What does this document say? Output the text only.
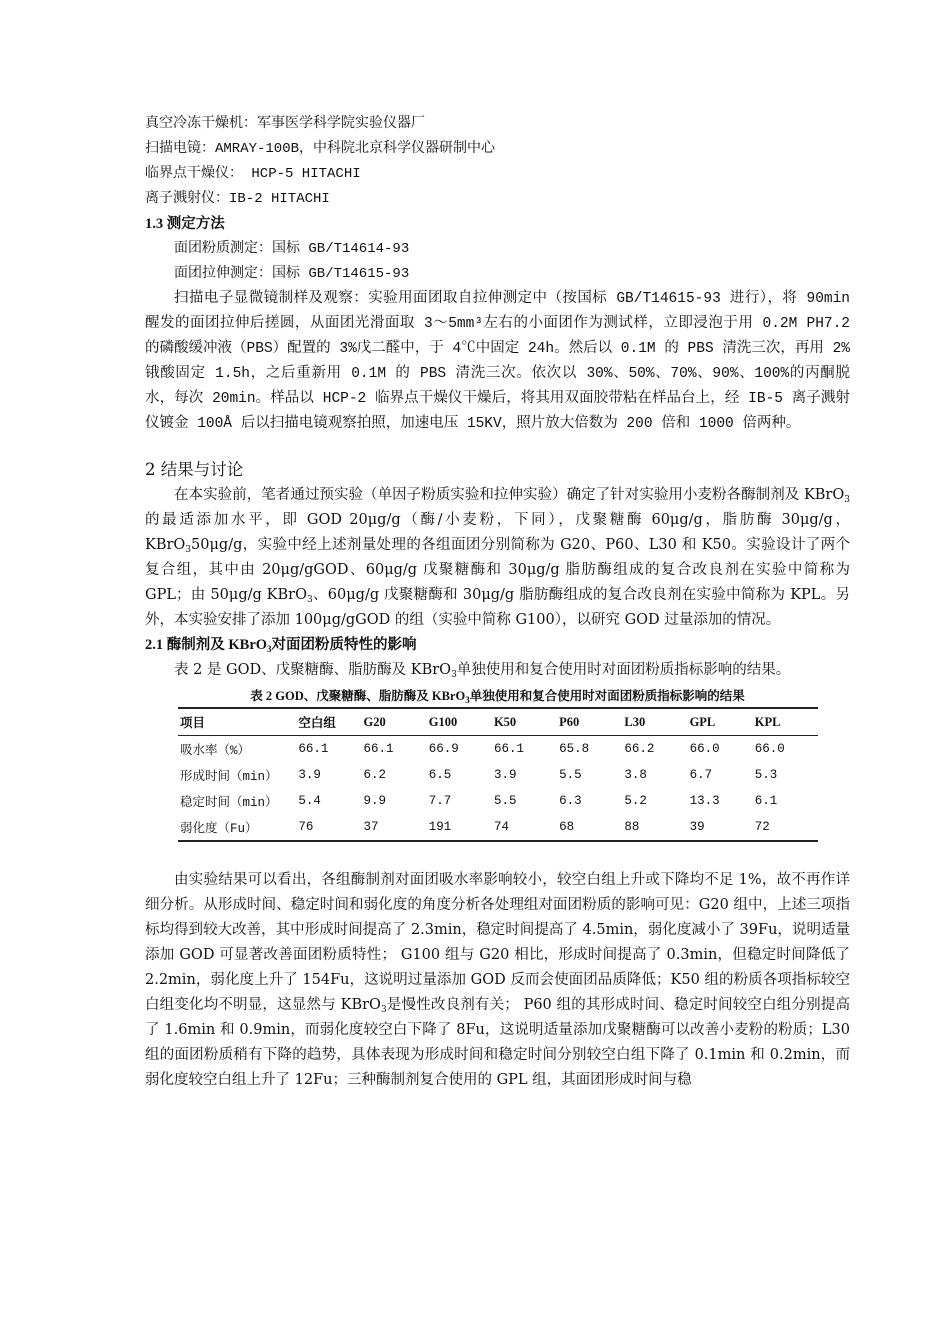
真空冷冻干燥机：军事医学科学院实验仪器厂
扫描电镜：AMRAY-100B，中科院北京科学仪器研制中心
临界点干燥仪： HCP-5 HITACHI
离子溅射仪：IB-2 HITACHI
1.3 测定方法
面团粉质测定：国标 GB/T14614-93
面团拉伸测定：国标 GB/T14615-93
扫描电子显微镜制样及观察：实验用面团取自拉伸测定中（按国标 GB/T14615-93 进行），将 90min 醒发的面团拉伸后搓圆，从面团光滑面取 3～5mm³左右的小面团作为测试样，立即浸泡于用 0.2M PH7.2 的磷酸缓冲液（PBS）配置的 3%戊二醛中，于 4℃中固定 24h。然后以 0.1M 的 PBS 清洗三次，再用 2%锇酸固定 1.5h，之后重新用 0.1M 的 PBS 清洗三次。依次以 30%、50%、70%、90%、100%的丙酮脱水，每次 20min。样品以 HCP-2 临界点干燥仪干燥后，将其用双面胶带粘在样品台上，经 IB-5 离子溅射仪镀金 100Å 后以扫描电镜观察拍照，加速电压 15KV，照片放大倍数为 200 倍和 1000 倍两种。
2 结果与讨论
在本实验前，笔者通过预实验（单因子粉质实验和拉伸实验）确定了针对实验用小麦粉各酶制剂及 KBrO$_3$的最适添加水平，即 GOD 20μg/g（酶/小麦粉，下同），戊聚糖酶 60μg/g，脂肪酶 30μg/g，KBrO$_3$50μg/g，实验中经上述剂量处理的各组面团分别简称为 G20、P60、L30 和 K50。实验设计了两个复合组，其中由 20μg/gGOD、60μg/g 戊聚糖酶和 30μg/g 脂肪酶组成的复合改良剂在实验中简称为 GPL；由 50μg/g KBrO$_3$、60μg/g 戊聚糖酶和 30μg/g 脂肪酶组成的复合改良剂在实验中简称为 KPL。另外，本实验安排了添加 100μg/gGOD 的组（实验中简称 G100），以研究 GOD 过量添加的情况。
2.1 酶制剂及 KBrO$_3$对面团粉质特性的影响
表 2 是 GOD、戊聚糖酶、脂肪酶及 KBrO$_3$单独使用和复合使用时对面团粉质指标影响的结果。
表 2 GOD、戊聚糖酶、脂肪酶及 KBrO$_3$单独使用和复合使用时对面团粉质指标影响的结果
项目	空白组	G20	G100	K50	P60	L30	GPL	KPL
吸水率（%）	66.1	66.1	66.9	66.1	65.8	66.2	66.0	66.0
形成时间（min）	3.9	6.2	6.5	3.9	5.5	3.8	6.7	5.3
稳定时间（min）	5.4	9.9	7.7	5.5	6.3	5.2	13.3	6.1
弱化度（Fu）	76	37	191	74	68	88	39	72
由实验结果可以看出，各组酶制剂对面团吸水率影响较小，较空白组上升或下降均不足 1%，故不再作详细分析。从形成时间、稳定时间和弱化度的角度分析各处理组对面团粉质的影响可见：G20 组中，上述三项指标均得到较大改善，其中形成时间提高了 2.3min，稳定时间提高了 4.5min，弱化度减小了 39Fu，说明适量添加 GOD 可显著改善面团粉质特性； G100 组与 G20 相比，形成时间提高了 0.3min，但稳定时间降低了 2.2min，弱化度上升了 154Fu，这说明过量添加 GOD 反而会使面团品质降低；K50 组的粉质各项指标较空白组变化均不明显，这显然与 KBrO$_3$是慢性改良剂有关； P60 组的其形成时间、稳定时间较空白组分别提高了 1.6min 和 0.9min，而弱化度较空白下降了 8Fu，这说明适量添加戊聚糖酶可以改善小麦粉的粉质；L30 组的面团粉质稍有下降的趋势，具体表现为形成时间和稳定时间分别较空白组下降了 0.1min 和 0.2min，而弱化度较空白组上升了 12Fu；三种酶制剂复合使用的 GPL 组，其面团形成时间与稳
